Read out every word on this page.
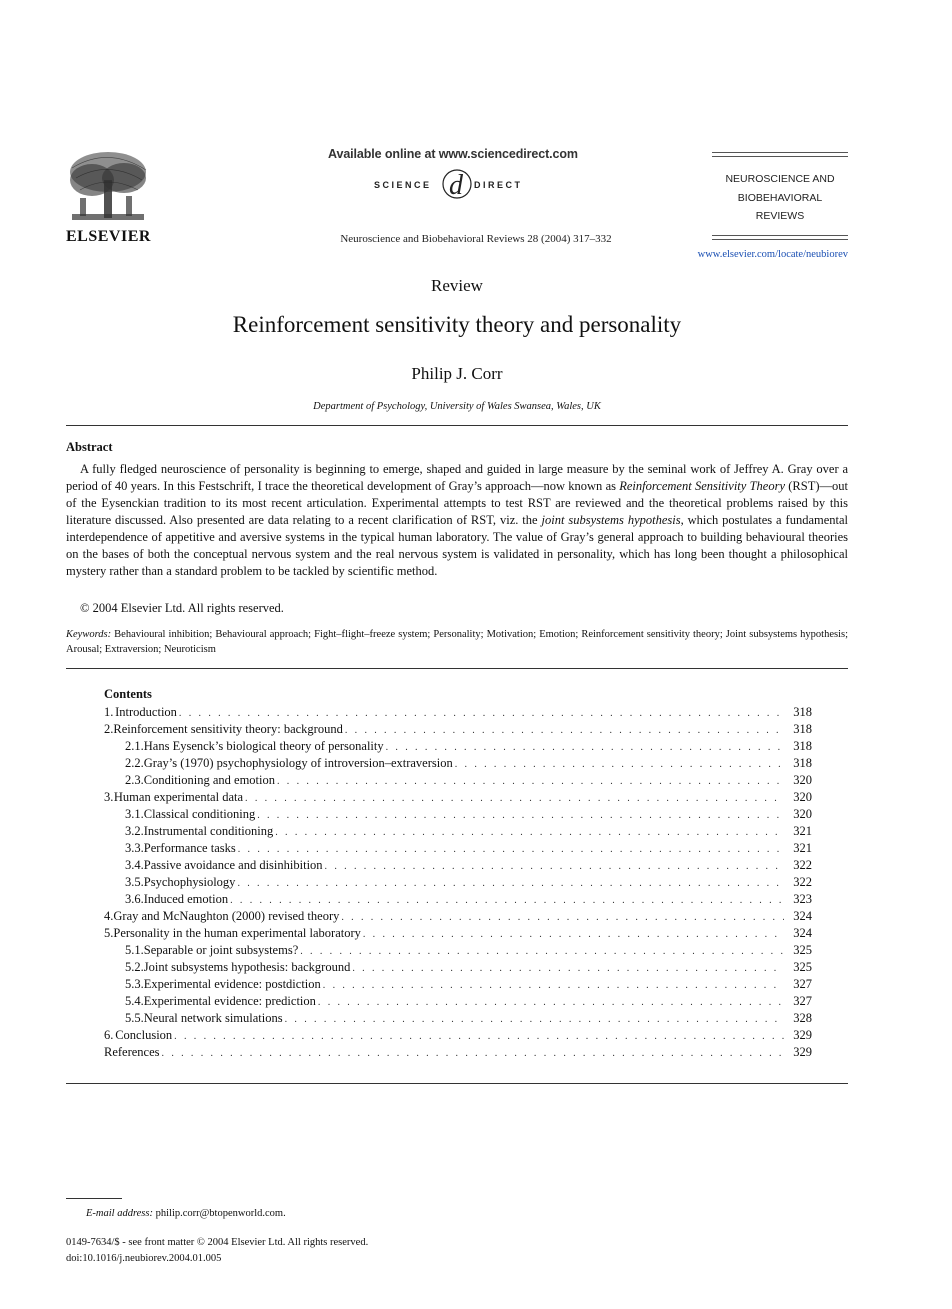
ELSEVIER
Available online at www.sciencedirect.com
SCIENCE d DIRECT
Neuroscience and Biobehavioral Reviews 28 (2004) 317–332
NEUROSCIENCE AND
BIOBEHAVIORAL
REVIEWS
www.elsevier.com/locate/neubiorev
Review
Reinforcement sensitivity theory and personality
Philip J. Corr
Department of Psychology, University of Wales Swansea, Wales, UK
Abstract

A fully fledged neuroscience of personality is beginning to emerge, shaped and guided in large measure by the seminal work of Jeffrey A. Gray over a period of 40 years. In this Festschrift, I trace the theoretical development of Gray’s approach—now known as Reinforcement Sensitivity Theory (RST)—out of the Eysenckian tradition to its most recent articulation. Experimental attempts to test RST are reviewed and the theoretical problems raised by this literature discussed. Also presented are data relating to a recent clarification of RST, viz. the joint subsystems hypothesis, which postulates a fundamental interdependence of appetitive and aversive systems in the typical human laboratory. The value of Gray’s general approach to building behavioural theories on the bases of both the conceptual nervous system and the real nervous system is validated in personality, which has long been thought a philosophical mystery rather than a standard problem to be tackled by scientific method.

© 2004 Elsevier Ltd. All rights reserved.
Keywords: Behavioural inhibition; Behavioural approach; Fight–flight–freeze system; Personality; Motivation; Emotion; Reinforcement sensitivity theory; Joint subsystems hypothesis; Arousal; Extraversion; Neuroticism
Contents
1. Introduction . . .	318
2. Reinforcement sensitivity theory: background . . .	318
2.1. Hans Eysenck’s biological theory of personality . . .	318
2.2. Gray’s (1970) psychophysiology of introversion–extraversion . . .	318
2.3. Conditioning and emotion . . .	320
3. Human experimental data . . .	320
3.1. Classical conditioning . . .	320
3.2. Instrumental conditioning . . .	321
3.3. Performance tasks . . .	321
3.4. Passive avoidance and disinhibition . . .	322
3.5. Psychophysiology . . .	322
3.6. Induced emotion . . .	323
4. Gray and McNaughton (2000) revised theory . . .	324
5. Personality in the human experimental laboratory . . .	324
5.1. Separable or joint subsystems? . . .	325
5.2. Joint subsystems hypothesis: background . . .	325
5.3. Experimental evidence: postdiction . . .	327
5.4. Experimental evidence: prediction . . .	327
5.5. Neural network simulations . . .	328
6. Conclusion . . .	329
References . . .	329
E-mail address: philip.corr@btopenworld.com.
0149-7634/$ - see front matter © 2004 Elsevier Ltd. All rights reserved.
doi:10.1016/j.neubiorev.2004.01.005
